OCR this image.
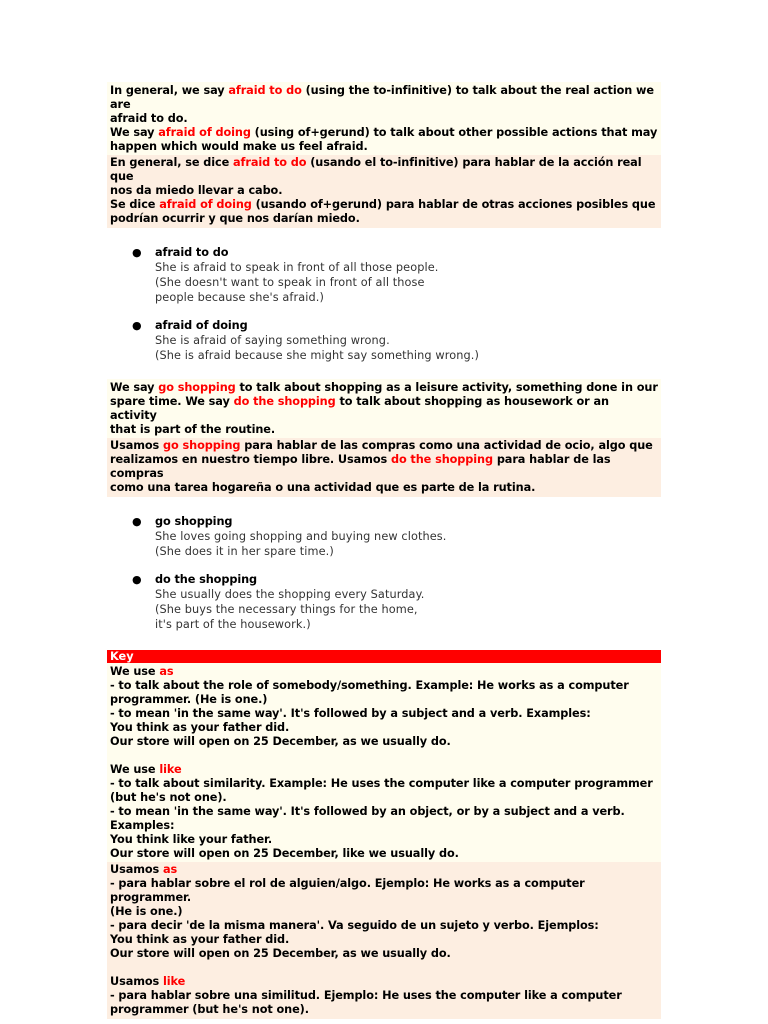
In general, we say afraid to do (using the to-infinitive) to talk about the real action we are
afraid to do.
We say afraid of doing (using of+gerund) to talk about other possible actions that may
happen which would make us feel afraid.
En general, se dice afraid to do (usando el to-infinitive) para hablar de la acción real que
nos da miedo llevar a cabo.
Se dice afraid of doing (usando of+gerund) para hablar de otras acciones posibles que
podrían ocurrir y que nos darían miedo.
● afraid to do
She is afraid to speak in front of all those people.
(She doesn't want to speak in front of all those
people because she's afraid.)
● afraid of doing
She is afraid of saying something wrong.
(She is afraid because she might say something wrong.)
We say go shopping to talk about shopping as a leisure activity, something done in our
spare time. We say do the shopping to talk about shopping as housework or an activity
that is part of the routine.
Usamos go shopping para hablar de las compras como una actividad de ocio, algo que
realizamos en nuestro tiempo libre. Usamos do the shopping para hablar de las compras
como una tarea hogareña o una actividad que es parte de la rutina.
● go shopping
She loves going shopping and buying new clothes.
(She does it in her spare time.)
● do the shopping
She usually does the shopping every Saturday.
(She buys the necessary things for the home,
it's part of the housework.)
Key
We use as
- to talk about the role of somebody/something. Example: He works as a computer
programmer. (He is one.)
- to mean 'in the same way'. It's followed by a subject and a verb. Examples:
You think as your father did.
Our store will open on 25 December, as we usually do.
We use like
- to talk about similarity. Example: He uses the computer like a computer programmer
(but he's not one).
- to mean 'in the same way'. It's followed by an object, or by a subject and a verb.
Examples:
You think like your father.
Our store will open on 25 December, like we usually do.
Usamos as
- para hablar sobre el rol de alguien/algo. Ejemplo: He works as a computer programmer.
(He is one.)
- para decir 'de la misma manera'. Va seguido de un sujeto y verbo. Ejemplos:
You think as your father did.
Our store will open on 25 December, as we usually do.
Usamos like
- para hablar sobre una similitud. Ejemplo: He uses the computer like a computer
programmer (but he's not one).
